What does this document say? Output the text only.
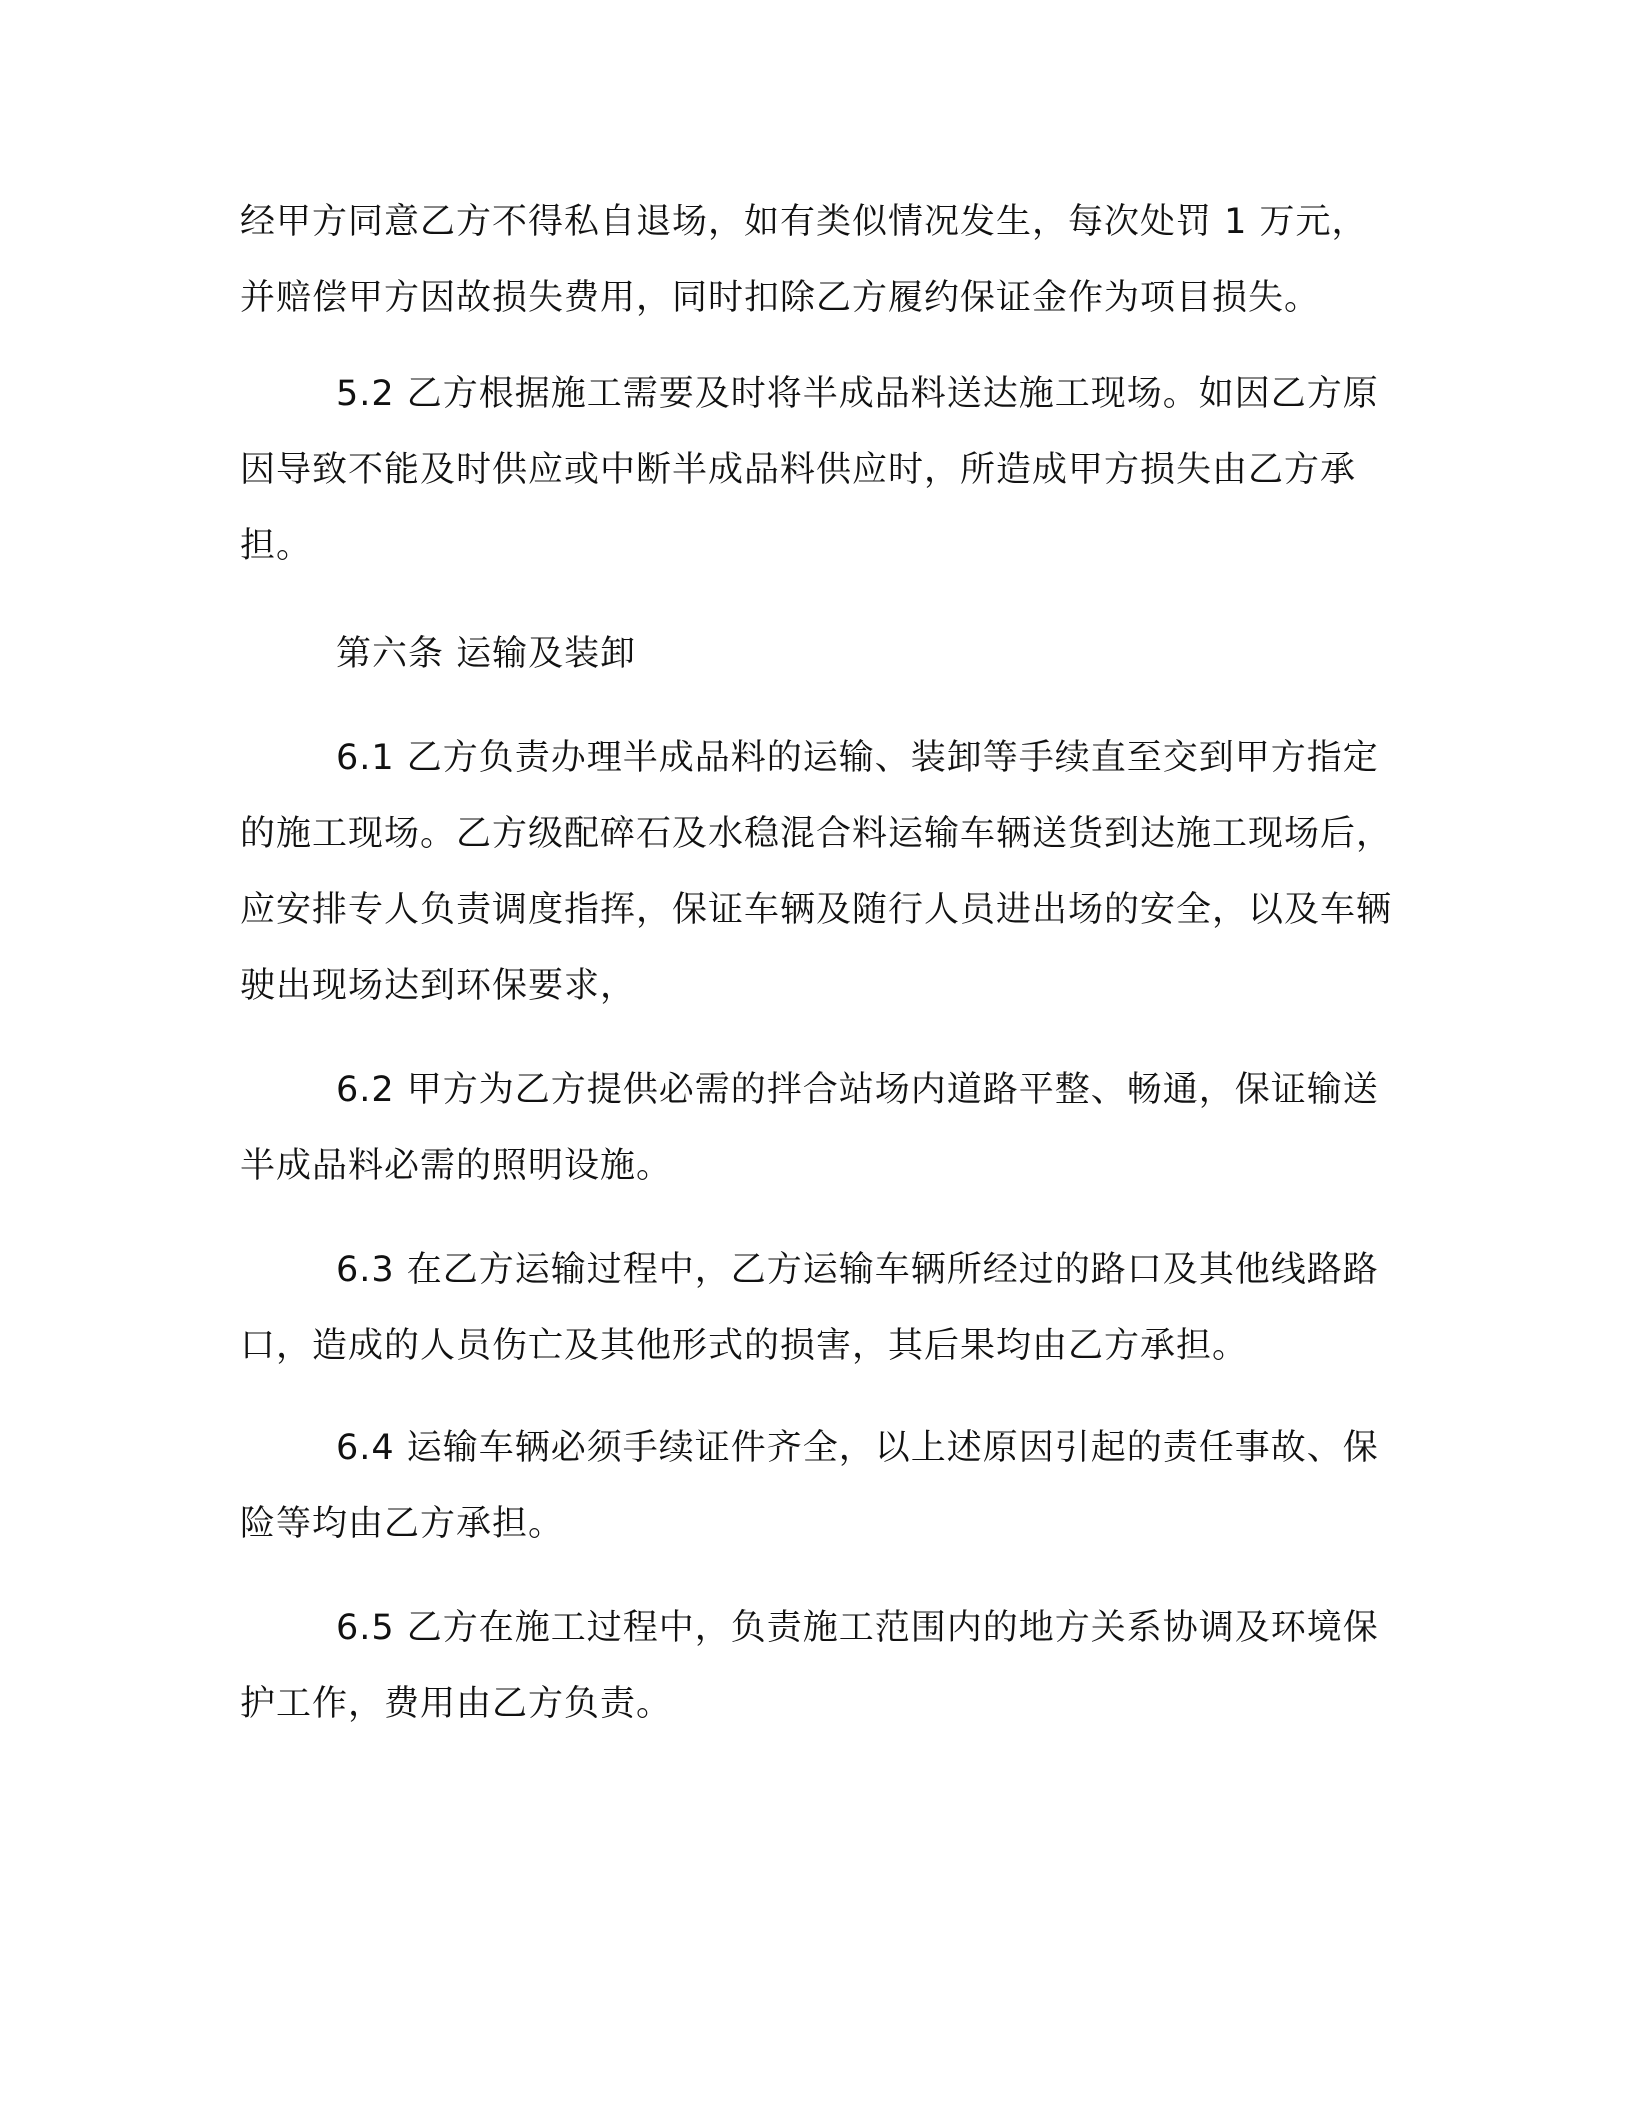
经甲方同意乙方不得私自退场，如有类似情况发生，每次处罚 1 万元，并赔偿甲方因故损失费用，同时扣除乙方履约保证金作为项目损失。

5.2 乙方根据施工需要及时将半成品料送达施工现场。如因乙方原因导致不能及时供应或中断半成品料供应时，所造成甲方损失由乙方承担。

第六条 运输及装卸

6.1 乙方负责办理半成品料的运输、装卸等手续直至交到甲方指定的施工现场。乙方级配碎石及水稳混合料运输车辆送货到达施工现场后，应安排专人负责调度指挥，保证车辆及随行人员进出场的安全，以及车辆驶出现场达到环保要求，

6.2 甲方为乙方提供必需的拌合站场内道路平整、畅通，保证输送半成品料必需的照明设施。

6.3 在乙方运输过程中，乙方运输车辆所经过的路口及其他线路路口，造成的人员伤亡及其他形式的损害，其后果均由乙方承担。

6.4 运输车辆必须手续证件齐全，以上述原因引起的责任事故、保险等均由乙方承担。

6.5 乙方在施工过程中，负责施工范围内的地方关系协调及环境保护工作，费用由乙方负责。
